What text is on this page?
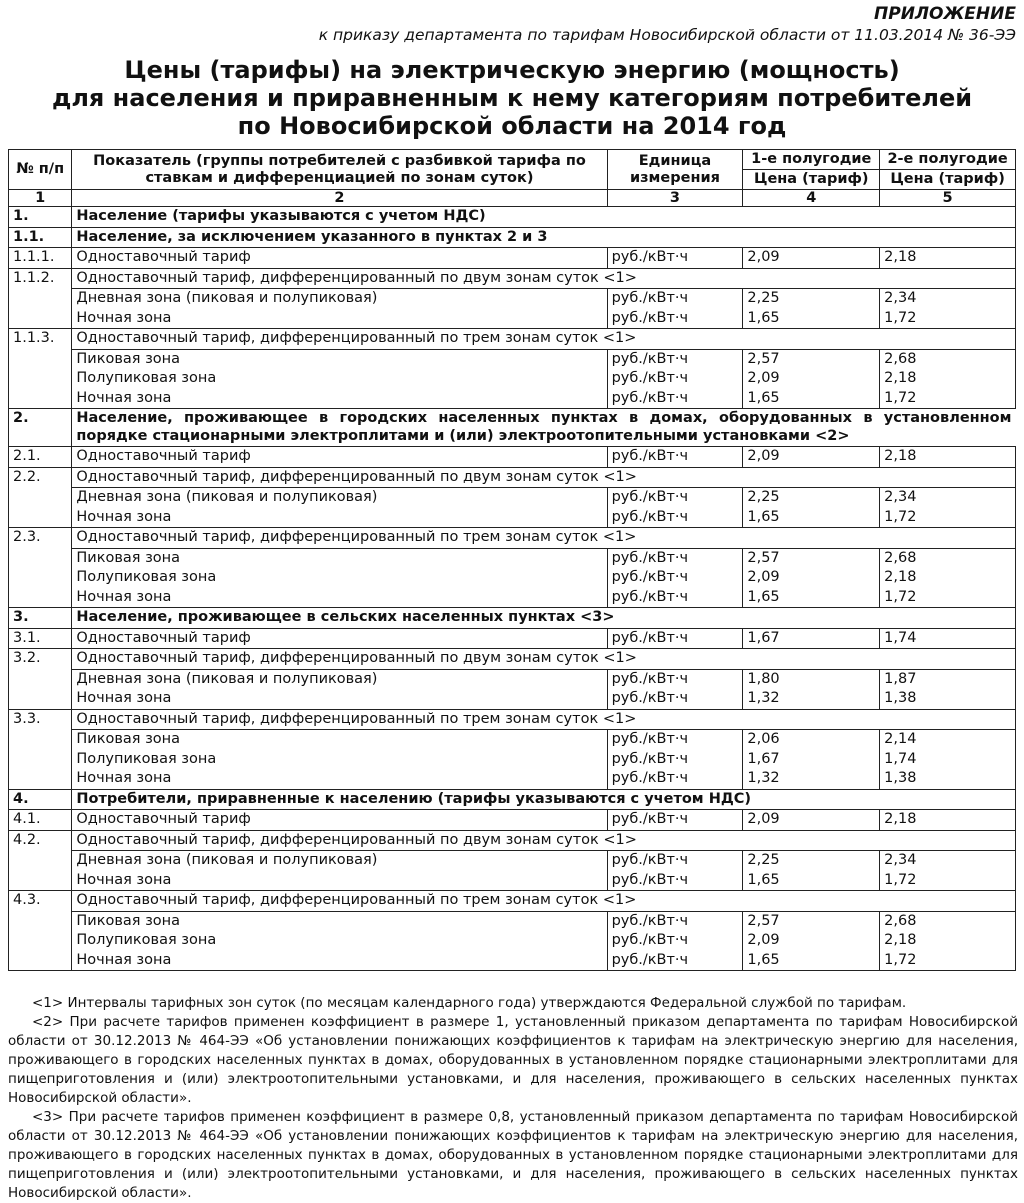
ПРИЛОЖЕНИЕ
к приказу департамента по тарифам Новосибирской области от 11.03.2014 № 36-ЭЭ
Цены (тарифы) на электрическую энергию (мощность)
для населения и приравненным к нему категориям потребителей
по Новосибирской области на 2014 год
№ п/п	Показатель (группы потребителей с разбивкой тарифа по ставкам и дифференциацией по зонам суток)	Единица измерения	1-е полугодие	2-е полугодие
			Цена (тариф)	Цена (тариф)
1	2	3	4	5
1.	Население (тарифы указываются с учетом НДС)			
1.1.	Население, за исключением указанного в пунктах 2 и 3			
1.1.1.	Одноставочный тариф	руб./кВт·ч	2,09	2,18
1.1.2.	Одноставочный тариф, дифференцированный по двум зонам суток <1>			
	Дневная зона (пиковая и полупиковая)	руб./кВт·ч	2,25	2,34
	Ночная зона	руб./кВт·ч	1,65	1,72
1.1.3.	Одноставочный тариф, дифференцированный по трем зонам суток <1>			
	Пиковая зона	руб./кВт·ч	2,57	2,68
	Полупиковая зона	руб./кВт·ч	2,09	2,18
	Ночная зона	руб./кВт·ч	1,65	1,72
2.	Население, проживающее в городских населенных пунктах в домах, оборудованных в установленном порядке стационарными электроплитами и (или) электроотопительными установками <2>			
2.1.	Одноставочный тариф	руб./кВт·ч	2,09	2,18
2.2.	Одноставочный тариф, дифференцированный по двум зонам суток <1>			
	Дневная зона (пиковая и полупиковая)	руб./кВт·ч	2,25	2,34
	Ночная зона	руб./кВт·ч	1,65	1,72
2.3.	Одноставочный тариф, дифференцированный по трем зонам суток <1>			
	Пиковая зона	руб./кВт·ч	2,57	2,68
	Полупиковая зона	руб./кВт·ч	2,09	2,18
	Ночная зона	руб./кВт·ч	1,65	1,72
3.	Население, проживающее в сельских населенных пунктах <3>			
3.1.	Одноставочный тариф	руб./кВт·ч	1,67	1,74
3.2.	Одноставочный тариф, дифференцированный по двум зонам суток <1>			
	Дневная зона (пиковая и полупиковая)	руб./кВт·ч	1,80	1,87
	Ночная зона	руб./кВт·ч	1,32	1,38
3.3.	Одноставочный тариф, дифференцированный по трем зонам суток <1>			
	Пиковая зона	руб./кВт·ч	2,06	2,14
	Полупиковая зона	руб./кВт·ч	1,67	1,74
	Ночная зона	руб./кВт·ч	1,32	1,38
4.	Потребители, приравненные к населению (тарифы указываются с учетом НДС)			
4.1.	Одноставочный тариф	руб./кВт·ч	2,09	2,18
4.2.	Одноставочный тариф, дифференцированный по двум зонам суток <1>			
	Дневная зона (пиковая и полупиковая)	руб./кВт·ч	2,25	2,34
	Ночная зона	руб./кВт·ч	1,65	1,72
4.3.	Одноставочный тариф, дифференцированный по трем зонам суток <1>			
	Пиковая зона	руб./кВт·ч	2,57	2,68
	Полупиковая зона	руб./кВт·ч	2,09	2,18
	Ночная зона	руб./кВт·ч	1,65	1,72

<1> Интервалы тарифных зон суток (по месяцам календарного года) утверждаются Федеральной службой по тарифам.

<2> При расчете тарифов применен коэффициент в размере 1, установленный приказом департамента по тарифам Новосибирской области от 30.12.2013 № 464-ЭЭ «Об установлении понижающих коэффициентов к тарифам на электрическую энергию для населения, проживающего в городских населенных пунктах в домах, оборудованных в установленном порядке стационарными электроплитами для пищеприготовления и (или) электроотопительными установками, и для населения, проживающего в сельских населенных пунктах Новосибирской области».

<3> При расчете тарифов применен коэффициент в размере 0,8, установленный приказом департамента по тарифам Новосибирской области от 30.12.2013 № 464-ЭЭ «Об установлении понижающих коэффициентов к тарифам на электрическую энергию для населения, проживающего в городских населенных пунктах в домах, оборудованных в установленном порядке стационарными электроплитами для пищеприготовления и (или) электроотопительными установками, и для населения, проживающего в сельских населенных пунктах Новосибирской области».
